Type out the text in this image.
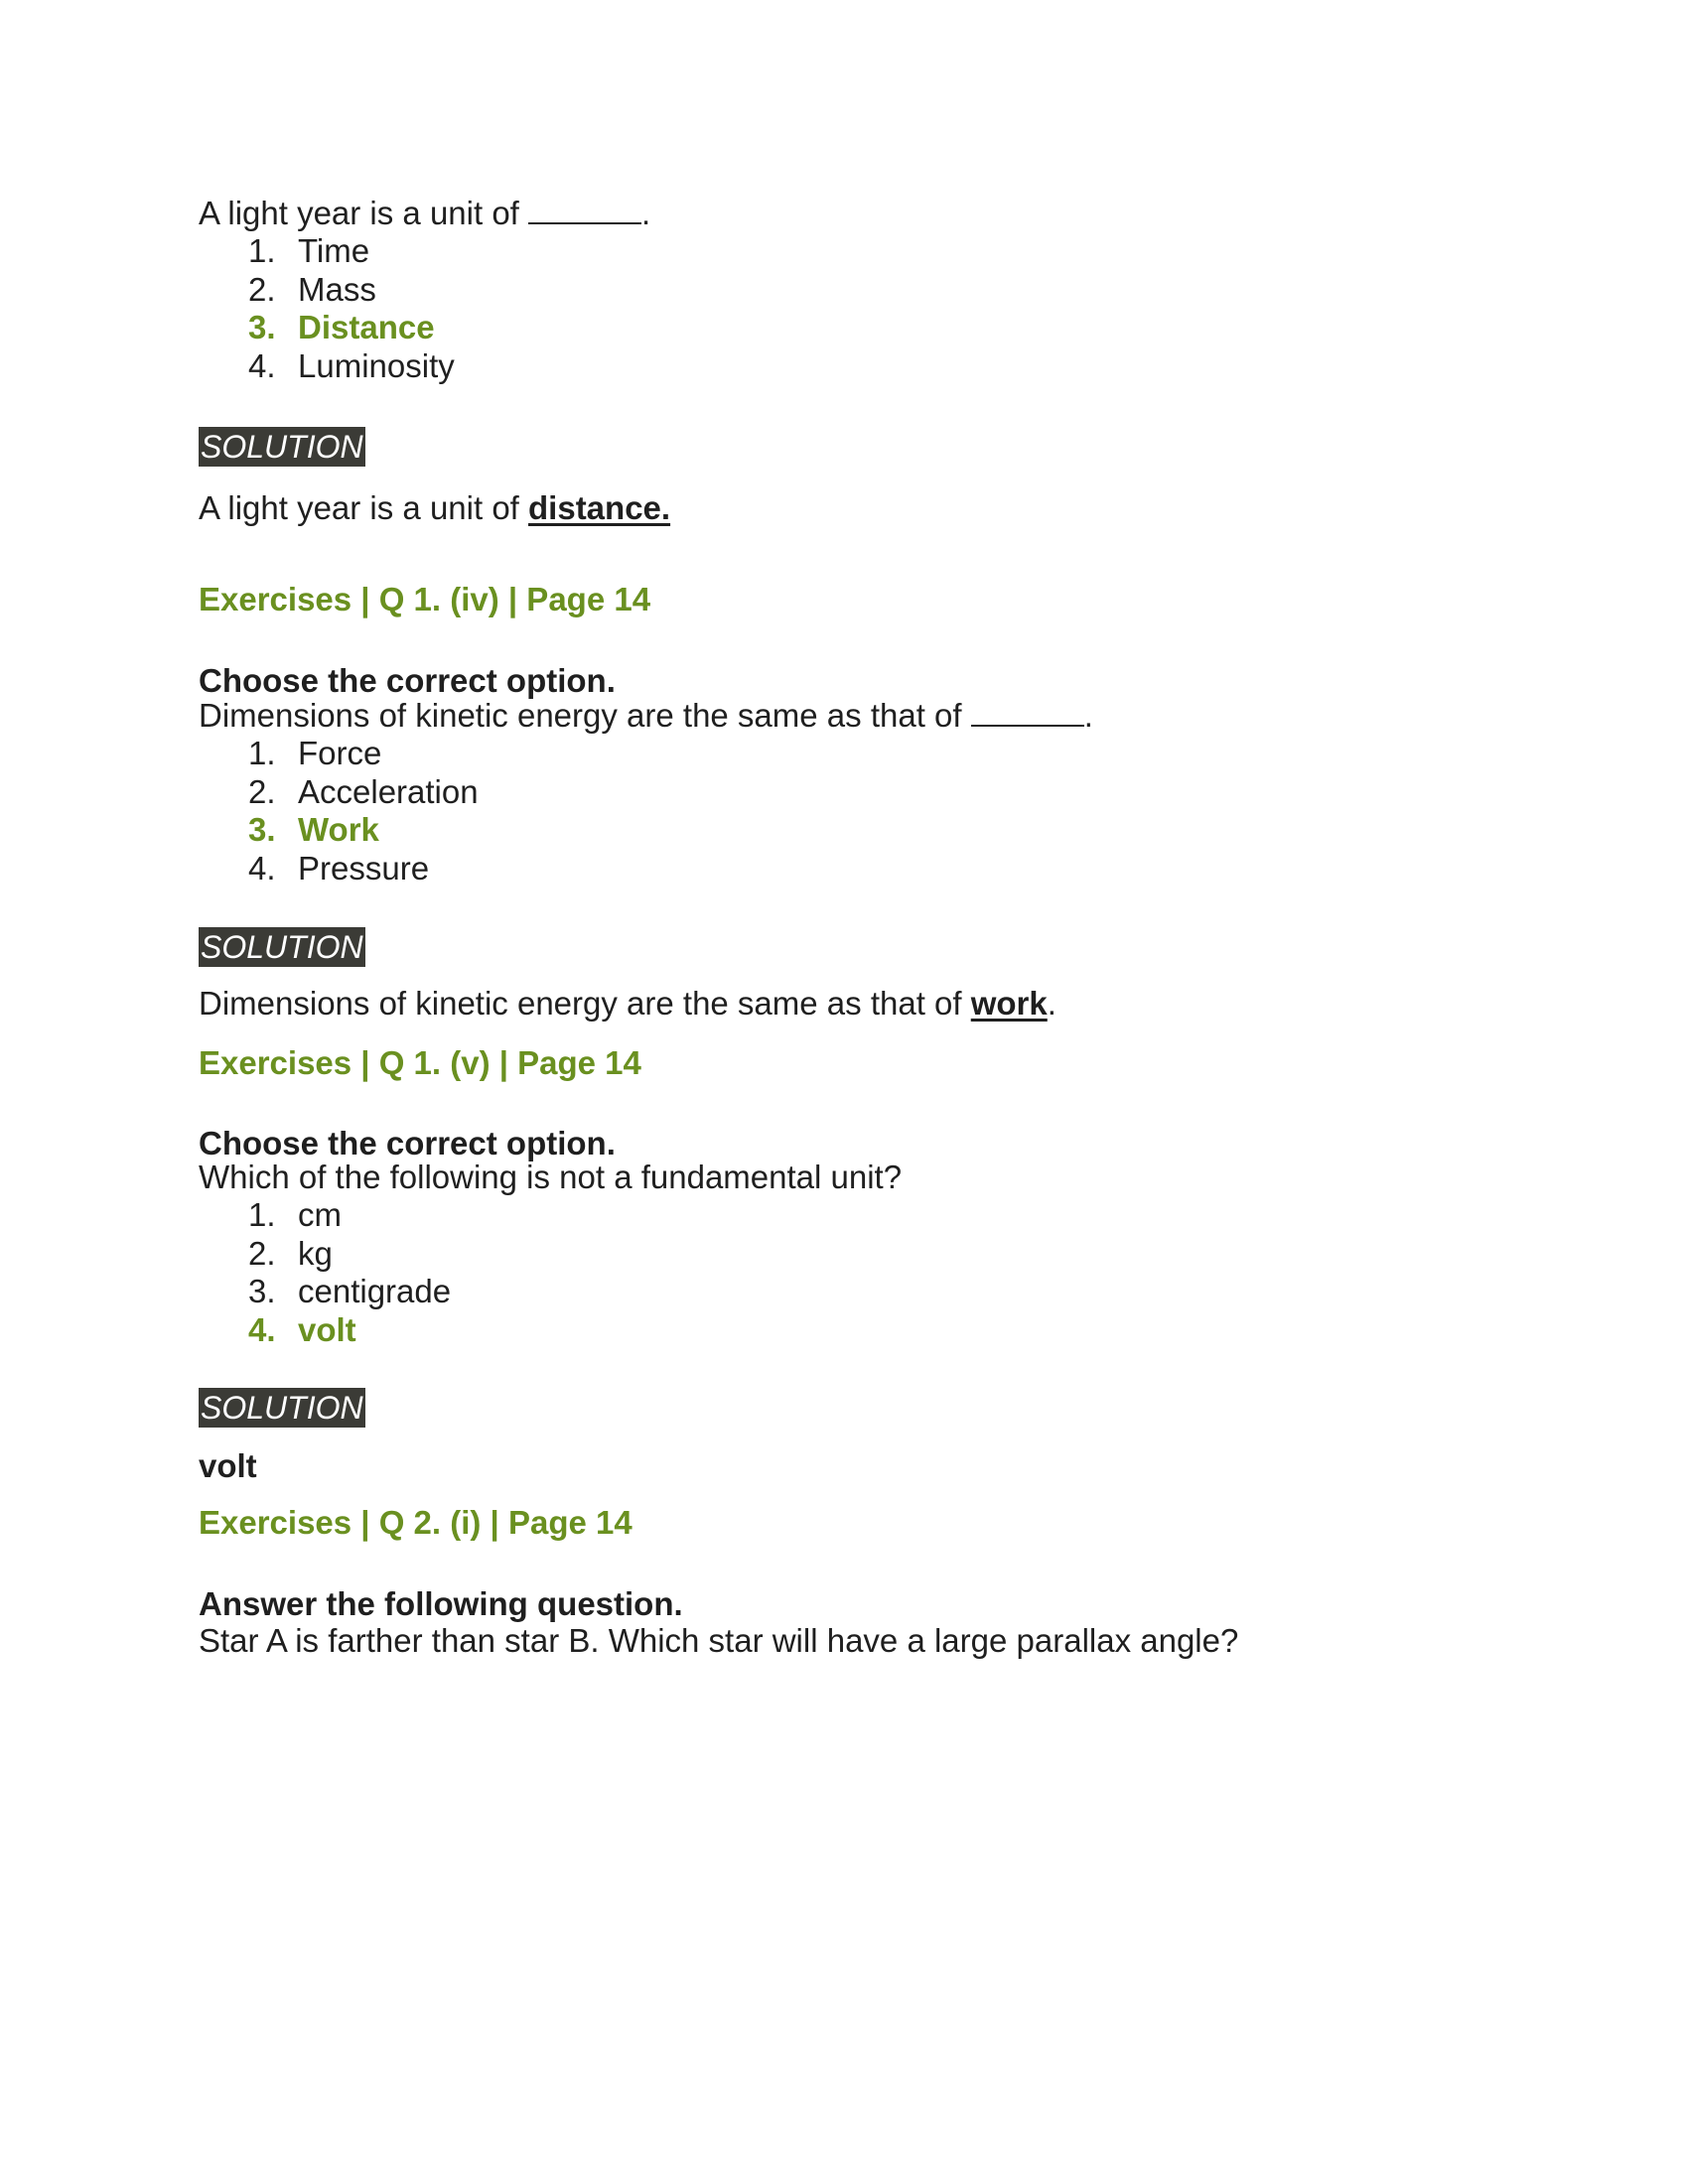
A light year is a unit of	.
1. Time
2. Mass
3. Distance
4. Luminosity
SOLUTION
A light year is a unit of distance.
Exercises | Q 1. (iv) | Page 14
Choose the correct option.
Dimensions of kinetic energy are the same as that of	.
1. Force
2. Acceleration
3. Work
4. Pressure
SOLUTION
Dimensions of kinetic energy are the same as that of work.
Exercises | Q 1. (v) | Page 14
Choose the correct option.
Which of the following is not a fundamental unit?
1. cm
2. kg
3. centigrade
4. volt
SOLUTION
volt
Exercises | Q 2. (i) | Page 14
Answer the following question.
Star A is farther than star B. Which star will have a large parallax angle?
